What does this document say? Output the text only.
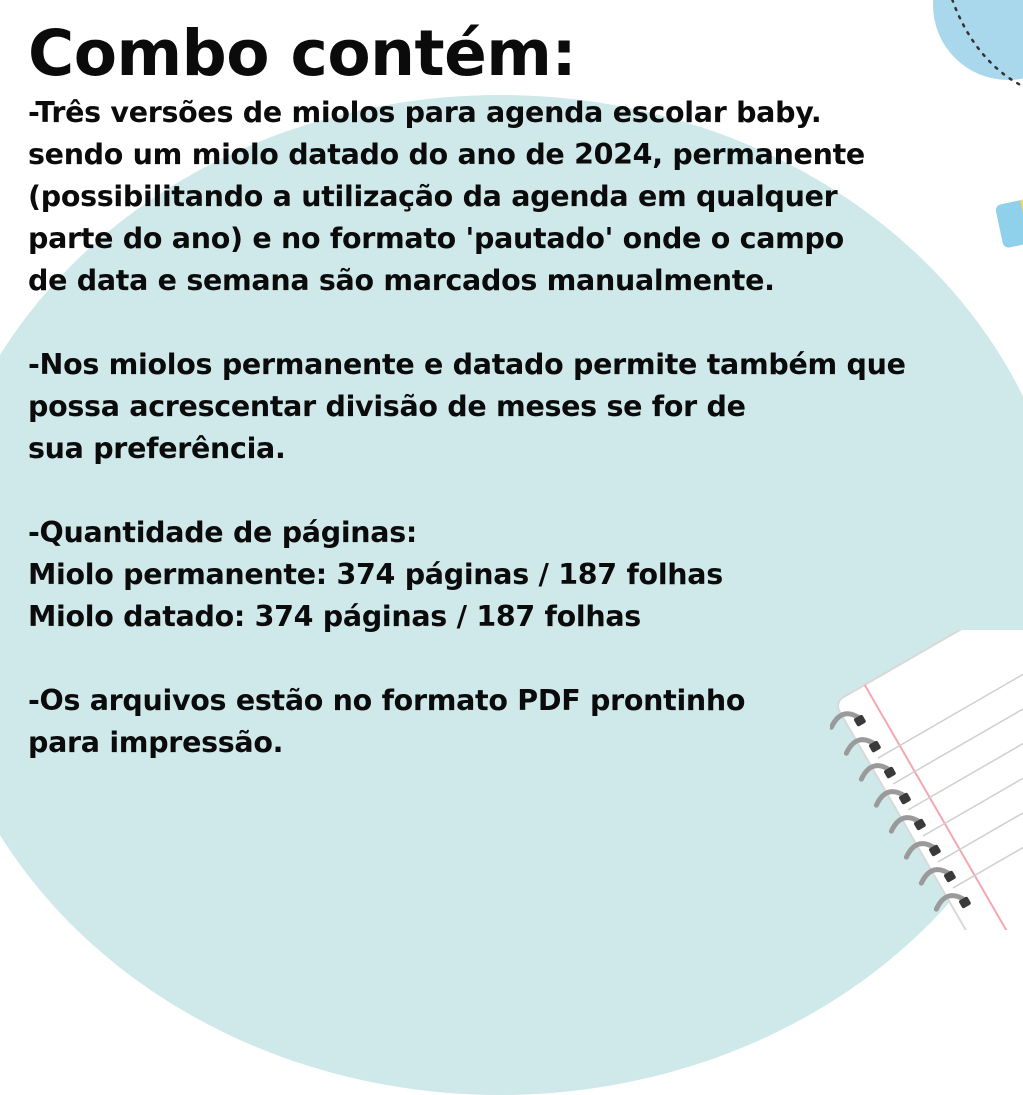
Combo contém:
-Três versões de miolos para agenda escolar baby.
sendo um miolo datado do ano de 2024, permanente
(possibilitando a utilização da agenda em qualquer
parte do ano) e no formato 'pautado' onde o campo
de data e semana são marcados manualmente.
-Nos miolos permanente e datado permite também que
possa acrescentar divisão de meses se for de
sua preferência.
-Quantidade de páginas:
Miolo permanente: 374 páginas / 187 folhas
Miolo datado: 374 páginas / 187 folhas
-Os arquivos estão no formato PDF prontinho
para impressão.
